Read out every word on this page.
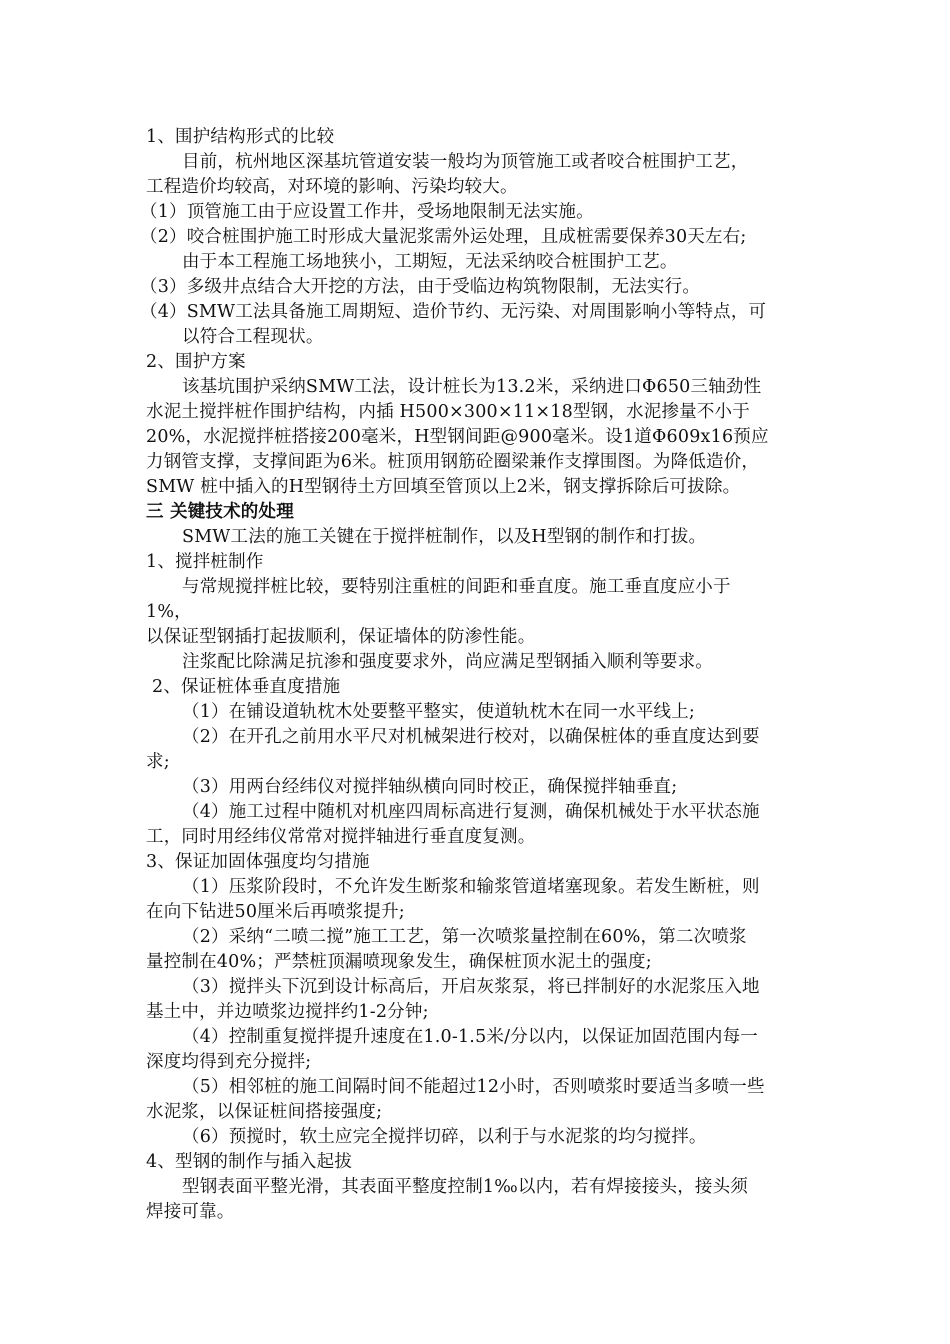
1、围护结构形式的比较
目前，杭州地区深基坑管道安装一般均为顶管施工或者咬合桩围护工艺，
工程造价均较高，对环境的影响、污染均较大。
（1）顶管施工由于应设置工作井，受场地限制无法实施。
（2）咬合桩围护施工时形成大量泥浆需外运处理，且成桩需要保养30天左右;
由于本工程施工场地狭小，工期短，无法采纳咬合桩围护工艺。
（3）多级井点结合大开挖的方法，由于受临边构筑物限制，无法实行。
（4）SMW工法具备施工周期短、造价节约、无污染、对周围影响小等特点，可
以符合工程现状。
2、围护方案
该基坑围护采纳SMW工法，设计桩长为13.2米，采纳进口Φ650三轴劲性
水泥土搅拌桩作围护结构，内插 H500×300×11×18型钢，水泥掺量不小于
20%，水泥搅拌桩搭接200毫米，H型钢间距@900毫米。设1道Φ609x16预应
力钢管支撑，支撑间距为6米。桩顶用钢筋砼圈梁兼作支撑围图。为降低造价，
SMW 桩中插入的H型钢待土方回填至管顶以上2米，钢支撑拆除后可拔除。
三 关键技术的处理
SMW工法的施工关键在于搅拌桩制作，以及H型钢的制作和打拔。
1、搅拌桩制作
与常规搅拌桩比较，要特别注重桩的间距和垂直度。施工垂直度应小于
1%，
以保证型钢插打起拔顺利，保证墙体的防渗性能。
注浆配比除满足抗渗和强度要求外，尚应满足型钢插入顺利等要求。
2、保证桩体垂直度措施
（1）在铺设道轨枕木处要整平整实，使道轨枕木在同一水平线上;
（2）在开孔之前用水平尺对机械架进行校对，以确保桩体的垂直度达到要
求;
（3）用两台经纬仪对搅拌轴纵横向同时校正，确保搅拌轴垂直;
（4）施工过程中随机对机座四周标高进行复测，确保机械处于水平状态施
工，同时用经纬仪常常对搅拌轴进行垂直度复测。
3、保证加固体强度均匀措施
（1）压浆阶段时，不允许发生断浆和输浆管道堵塞现象。若发生断桩，则
在向下钻进50厘米后再喷浆提升;
（2）采纳“二喷二搅”施工工艺，第一次喷浆量控制在60%，第二次喷浆
量控制在40%；严禁桩顶漏喷现象发生，确保桩顶水泥土的强度;
（3）搅拌头下沉到设计标高后，开启灰浆泵，将已拌制好的水泥浆压入地
基土中，并边喷浆边搅拌约1-2分钟;
（4）控制重复搅拌提升速度在1.0-1.5米/分以内，以保证加固范围内每一
深度均得到充分搅拌;
（5）相邻桩的施工间隔时间不能超过12小时，否则喷浆时要适当多喷一些
水泥浆，以保证桩间搭接强度;
（6）预搅时，软土应完全搅拌切碎，以利于与水泥浆的均匀搅拌。
4、型钢的制作与插入起拔
型钢表面平整光滑，其表面平整度控制1‰以内，若有焊接接头，接头须
焊接可靠。
